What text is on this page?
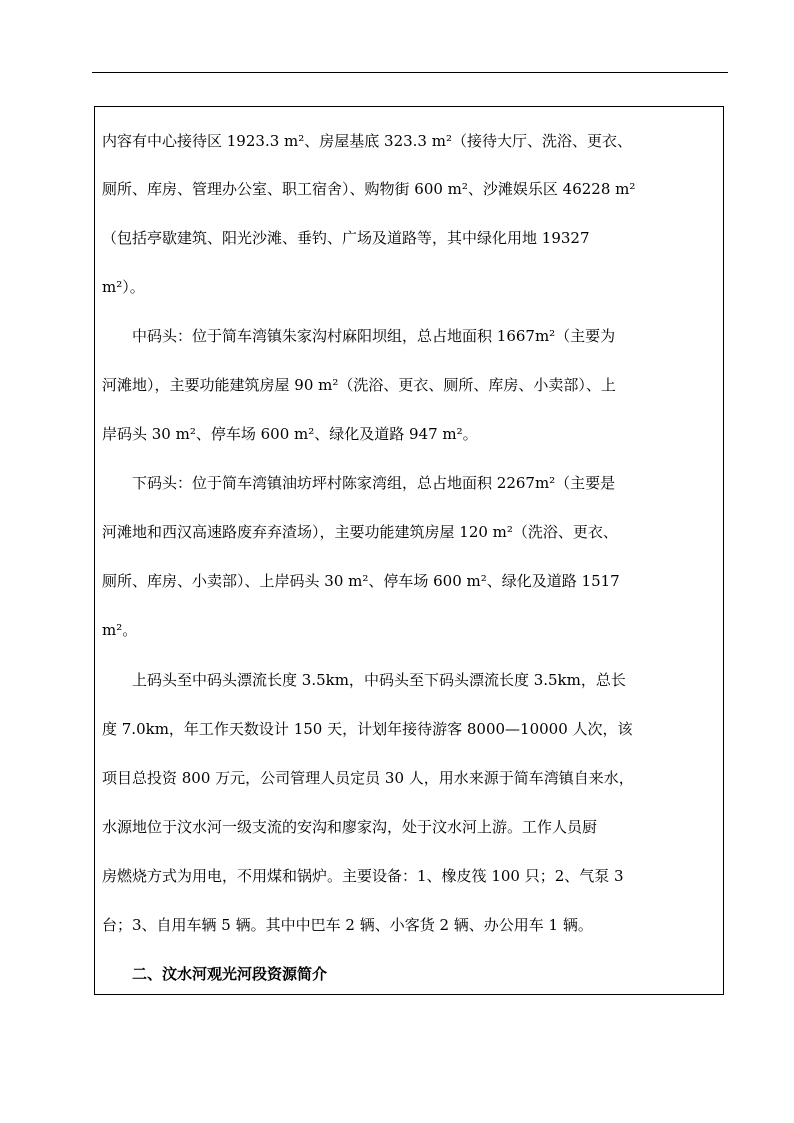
内容有中心接待区 1923.3 m²、房屋基底 323.3 m²（接待大厅、洗浴、更衣、
厕所、库房、管理办公室、职工宿舍）、购物街 600 m²、沙滩娱乐区 46228 m²
（包括亭歇建筑、阳光沙滩、垂钓、广场及道路等，其中绿化用地 19327
m²）。
　　中码头：位于简车湾镇朱家沟村麻阳坝组，总占地面积 1667m²（主要为
河滩地），主要功能建筑房屋 90 m²（洗浴、更衣、厕所、库房、小卖部）、上
岸码头 30 m²、停车场 600 m²、绿化及道路 947 m²。
　　下码头：位于简车湾镇油坊坪村陈家湾组，总占地面积 2267m²（主要是
河滩地和西汉高速路废弃弃渣场），主要功能建筑房屋 120 m²（洗浴、更衣、
厕所、库房、小卖部）、上岸码头 30 m²、停车场 600 m²、绿化及道路 1517
m²。
　　上码头至中码头漂流长度 3.5km，中码头至下码头漂流长度 3.5km，总长
度 7.0km，年工作天数设计 150 天，计划年接待游客 8000—10000 人次，该
项目总投资 800 万元，公司管理人员定员 30 人，用水来源于简车湾镇自来水，
水源地位于汶水河一级支流的安沟和廖家沟，处于汶水河上游。工作人员厨
房燃烧方式为用电，不用煤和锅炉。主要设备：1、橡皮筏 100 只；2、气泵 3
台；3、自用车辆 5 辆。其中中巴车 2 辆、小客货 2 辆、办公用车 1 辆。
　　二、汶水河观光河段资源简介
